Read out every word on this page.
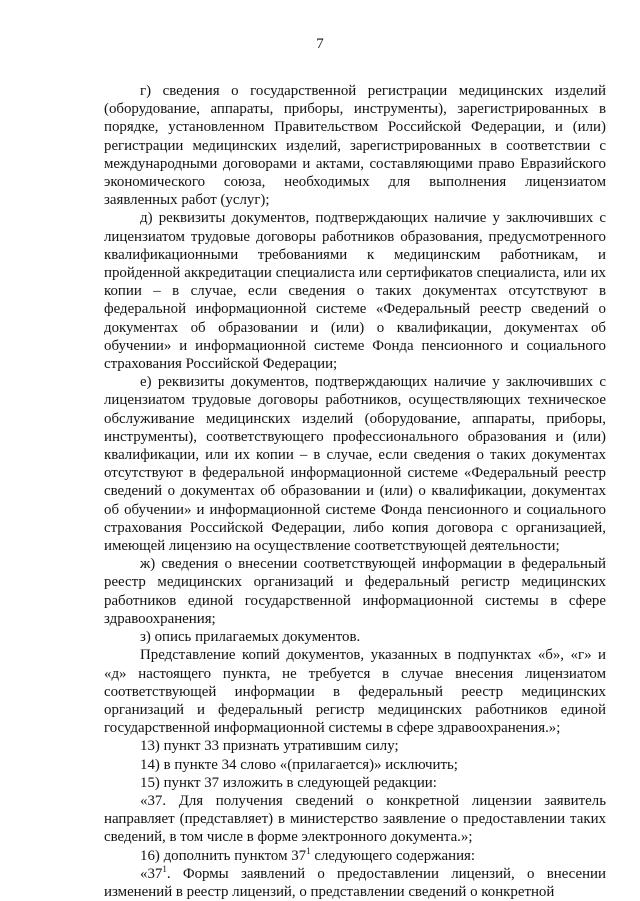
7

г) сведения о государственной регистрации медицинских изделий (оборудование, аппараты, приборы, инструменты), зарегистрированных в порядке, установленном Правительством Российской Федерации, и (или) регистрации медицинских изделий, зарегистрированных в соответствии с международными договорами и актами, составляющими право Евразийского экономического союза, необходимых для выполнения лицензиатом заявленных работ (услуг);

д) реквизиты документов, подтверждающих наличие у заключивших с лицензиатом трудовые договоры работников образования, предусмотренного квалификационными требованиями к медицинским работникам, и пройденной аккредитации специалиста или сертификатов специалиста, или их копии – в случае, если сведения о таких документах отсутствуют в федеральной информационной системе «Федеральный реестр сведений о документах об образовании и (или) о квалификации, документах об обучении» и информационной системе Фонда пенсионного и социального страхования Российской Федерации;

е) реквизиты документов, подтверждающих наличие у заключивших с лицензиатом трудовые договоры работников, осуществляющих техническое обслуживание медицинских изделий (оборудование, аппараты, приборы, инструменты), соответствующего профессионального образования и (или) квалификации, или их копии – в случае, если сведения о таких документах отсутствуют в федеральной информационной системе «Федеральный реестр сведений о документах об образовании и (или) о квалификации, документах об обучении» и информационной системе Фонда пенсионного и социального страхования Российской Федерации, либо копия договора с организацией, имеющей лицензию на осуществление соответствующей деятельности;

ж) сведения о внесении соответствующей информации в федеральный реестр медицинских организаций и федеральный регистр медицинских работников единой государственной информационной системы в сфере здравоохранения;

з) опись прилагаемых документов.

Представление копий документов, указанных в подпунктах «б», «г» и «д» настоящего пункта, не требуется в случае внесения лицензиатом соответствующей информации в федеральный реестр медицинских организаций и федеральный регистр медицинских работников единой государственной информационной системы в сфере здравоохранения.»;

13) пункт 33 признать утратившим силу;

14) в пункте 34 слово «(прилагается)» исключить;

15) пункт 37 изложить в следующей редакции:

«37. Для получения сведений о конкретной лицензии заявитель направляет (представляет) в министерство заявление о предоставлении таких сведений, в том числе в форме электронного документа.»;

16) дополнить пунктом $37^1$ следующего содержания:

«$37^1$. Формы заявлений о предоставлении лицензий, о внесении изменений в реестр лицензий, о представлении сведений о конкретной
